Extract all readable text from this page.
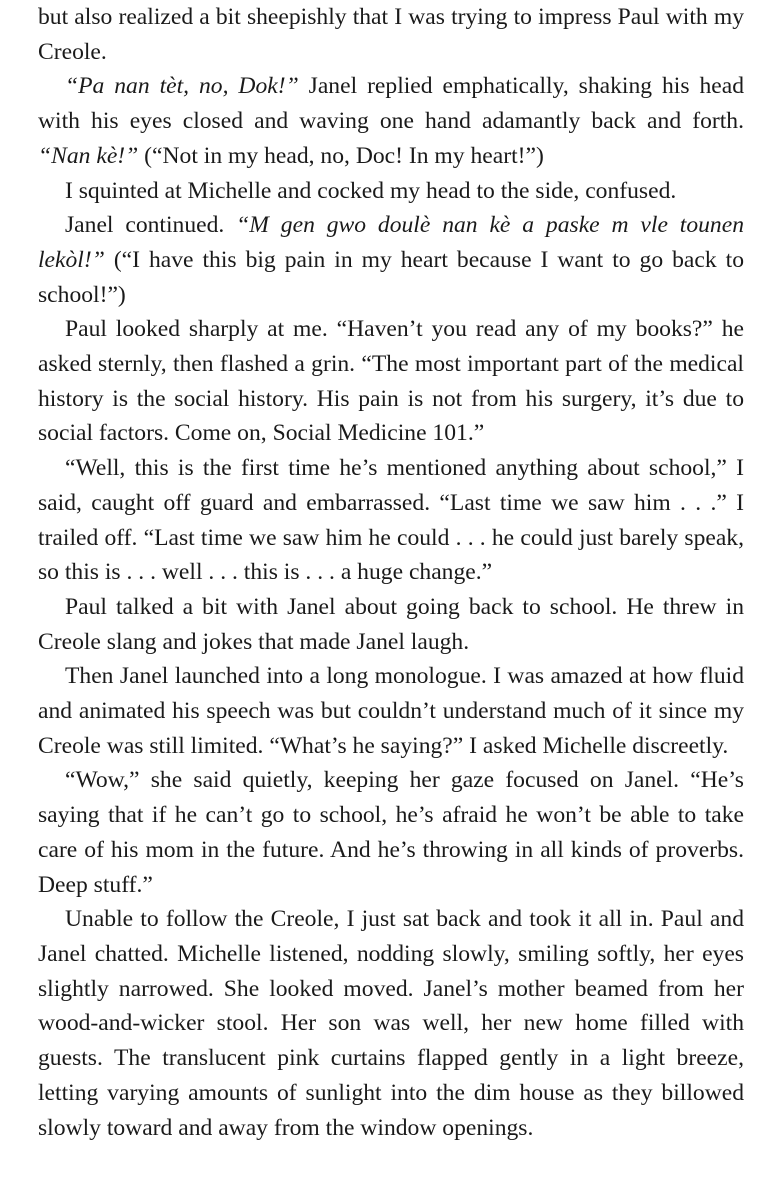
but also realized a bit sheepishly that I was trying to impress Paul with my Creole.

“Pa nan tèt, no, Dok!” Janel replied emphatically, shaking his head with his eyes closed and waving one hand adamantly back and forth. “Nan kè!” (“Not in my head, no, Doc! In my heart!”)

I squinted at Michelle and cocked my head to the side, confused.

Janel continued. “M gen gwo doulè nan kè a paske m vle tounen lekòl!” (“I have this big pain in my heart because I want to go back to school!”)

Paul looked sharply at me. “Haven’t you read any of my books?” he asked sternly, then flashed a grin. “The most important part of the medical history is the social history. His pain is not from his surgery, it’s due to social factors. Come on, Social Medicine 101.”

“Well, this is the first time he’s mentioned anything about school,” I said, caught off guard and embarrassed. “Last time we saw him . . .” I trailed off. “Last time we saw him he could . . . he could just barely speak, so this is . . . well . . . this is . . . a huge change.”

Paul talked a bit with Janel about going back to school. He threw in Creole slang and jokes that made Janel laugh.

Then Janel launched into a long monologue. I was amazed at how fluid and animated his speech was but couldn’t understand much of it since my Creole was still limited. “What’s he saying?” I asked Michelle discreetly.

“Wow,” she said quietly, keeping her gaze focused on Janel. “He’s saying that if he can’t go to school, he’s afraid he won’t be able to take care of his mom in the future. And he’s throwing in all kinds of proverbs. Deep stuff.”

Unable to follow the Creole, I just sat back and took it all in. Paul and Janel chatted. Michelle listened, nodding slowly, smiling softly, her eyes slightly narrowed. She looked moved. Janel’s mother beamed from her wood-and-wicker stool. Her son was well, her new home filled with guests. The translucent pink curtains flapped gently in a light breeze, letting varying amounts of sunlight into the dim house as they billowed slowly toward and away from the window openings.
